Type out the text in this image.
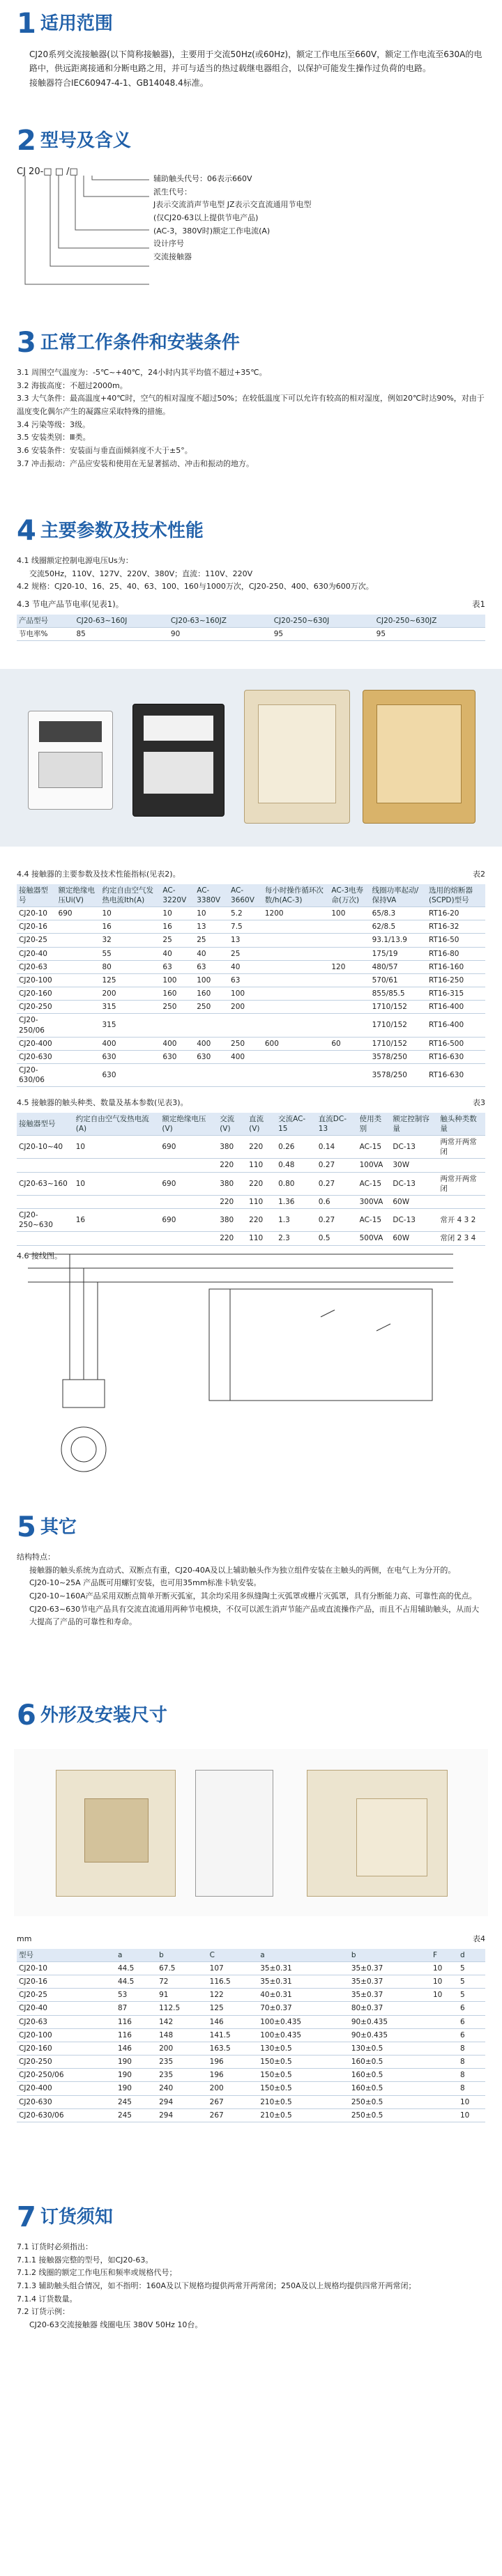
1 适用范围

CJ20系列交流接触器(以下简称接触器)，主要用于交流50Hz(或60Hz)，额定工作电压至660V，额定工作电流至630A的电路中，供远距离接通和分断电路之用，并可与适当的热过载继电器组合，以保护可能发生操作过负荷的电路。

接触器符合IEC60947-4-1、GB14048.4标准。

2 型号及含义
CJ 20-□ □ /□
辅助触头代号：06表示660V
派生代号：
J表示交流消声节电型 JZ表示交直流通用节电型
(仅CJ20-63以上提供节电产品)
(AC-3，380V时)额定工作电流(A)
设计序号
交流接触器
3 正常工作条件和安装条件
3.1 周围空气温度为：-5℃~+40℃，24小时内其平均值不超过+35℃。
3.2 海拔高度：不超过2000m。
3.3 大气条件：最高温度+40℃时，空气的相对湿度不超过50%；在较低温度下可以允许有较高的相对湿度，例如20℃时达90%，对由于温度变化偶尔产生的凝露应采取特殊的措施。
3.4 污染等级：3级。
3.5 安装类别：Ⅲ类。
3.6 安装条件：安装面与垂直面倾斜度不大于±5°。
3.7 冲击振动：产品应安装和使用在无显著摇动、冲击和振动的地方。
4 主要参数及技术性能
4.1 线圈额定控制电源电压Us为：
交流50Hz，110V、127V、220V、380V；直流：110V、220V
4.2 规格：CJ20-10、16、25、40、63、100、160与1000万次，CJ20-250、400、630为600万次。
4.3 节电产品节电率(见表1)。	表1
产品型号	CJ20-63~160J	CJ20-63~160JZ	CJ20-250~630J	CJ20-250~630JZ
节电率%	85	90	95	95
4.4 接触器的主要参数及技术性能指标(见表2)。	表2
接触器型号	额定绝缘电压Ui(V)	约定自由空气发热电流Ith(A)	AC-3220V	AC-3380V	AC-3660V	每小时操作循环次数/h(AC-3)	AC-3电寿命(万次)	线圈功率起动/保持VA	选用的熔断器(SCPD)型号
CJ20-10	690	10	10	10	5.2	1200	100	65/8.3	RT16-20
CJ20-16		16	16	13	7.5			62/8.5	RT16-32
CJ20-25		32	25	25	13			93.1/13.9	RT16-50
CJ20-40		55	40	40	25			175/19	RT16-80
CJ20-63		80	63	63	40		120	480/57	RT16-160
CJ20-100		125	100	100	63			570/61	RT16-250
CJ20-160		200	160	160	100			855/85.5	RT16-315
CJ20-250		315	250	250	200			1710/152	RT16-400
CJ20-250/06		315						1710/152	RT16-400
CJ20-400		400	400	400	250	600	60	1710/152	RT16-500
CJ20-630		630	630	630	400			3578/250	RT16-630
CJ20-630/06		630						3578/250	RT16-630
4.5 接触器的触头种类、数量及基本参数(见表3)。	表3
接触器型号	约定自由空气发热电流(A)	额定绝缘电压(V)	交流(V)	直流(V)	交流AC-15	直流DC-13	使用类别	额定控制容量	触头种类数量
CJ20-10~40	10	690	380	220	0.26	0.14	AC-15	DC-13	两常开两常闭
			220	110	0.48	0.27	100VA	30W	
CJ20-63~160	10	690	380	220	0.80	0.27	AC-15	DC-13	两常开两常闭
			220	110	1.36	0.6	300VA	60W	
CJ20-250~630	16	690	380	220	1.3	0.27	AC-15	DC-13	常开 4 3 2
			220	110	2.3	0.5	500VA	60W	常闭 2 3 4
4.6 接线图。
5 其它
结构特点：
接触器的触头系统为直动式、双断点有重，CJ20-40A及以上辅助触头作为独立组件安装在主触头的两侧，在电气上为分开的。
CJ20-10~25A 产品既可用螺钉安装，也可用35mm标准卡轨安装。
CJ20-10~160A产品采用双断点简单开断灭弧室，其余均采用多纵缝陶土灭弧罩或栅片灭弧罩，具有分断能力高、可靠性高的优点。
CJ20-63~630节电产品具有交流直流通用两种节电模块，不仅可以派生消声节能产品或直流操作产品，而且不占用辅助触头，从而大大提高了产品的可靠性和寿命。
6 外形及安装尺寸
mm	表4
型号	a	b	C	a	b	F	d
CJ20-10	44.5	67.5	107	35±0.31	35±0.37	10	5
CJ20-16	44.5	72	116.5	35±0.31	35±0.37	10	5
CJ20-25	53	91	122	40±0.31	35±0.37	10	5
CJ20-40	87	112.5	125	70±0.37	80±0.37		6
CJ20-63	116	142	146	100±0.435	90±0.435		6
CJ20-100	116	148	141.5	100±0.435	90±0.435		6
CJ20-160	146	200	163.5	130±0.5	130±0.5		8
CJ20-250	190	235	196	150±0.5	160±0.5		8
CJ20-250/06	190	235	196	150±0.5	160±0.5		8
CJ20-400	190	240	200	150±0.5	160±0.5		8
CJ20-630	245	294	267	210±0.5	250±0.5		10
CJ20-630/06	245	294	267	210±0.5	250±0.5		10
7 订货须知
7.1 订货时必须指出：
7.1.1 接触器完整的型号，如CJ20-63。
7.1.2 线圈的额定工作电压和频率或规格代号；
7.1.3 辅助触头组合情况，如不指明：160A及以下规格均提供两常开两常闭；250A及以上规格均提供四常开两常闭；
7.1.4 订货数量。
7.2 订货示例：
CJ20-63交流接触器 线圈电压 380V 50Hz 10台。
